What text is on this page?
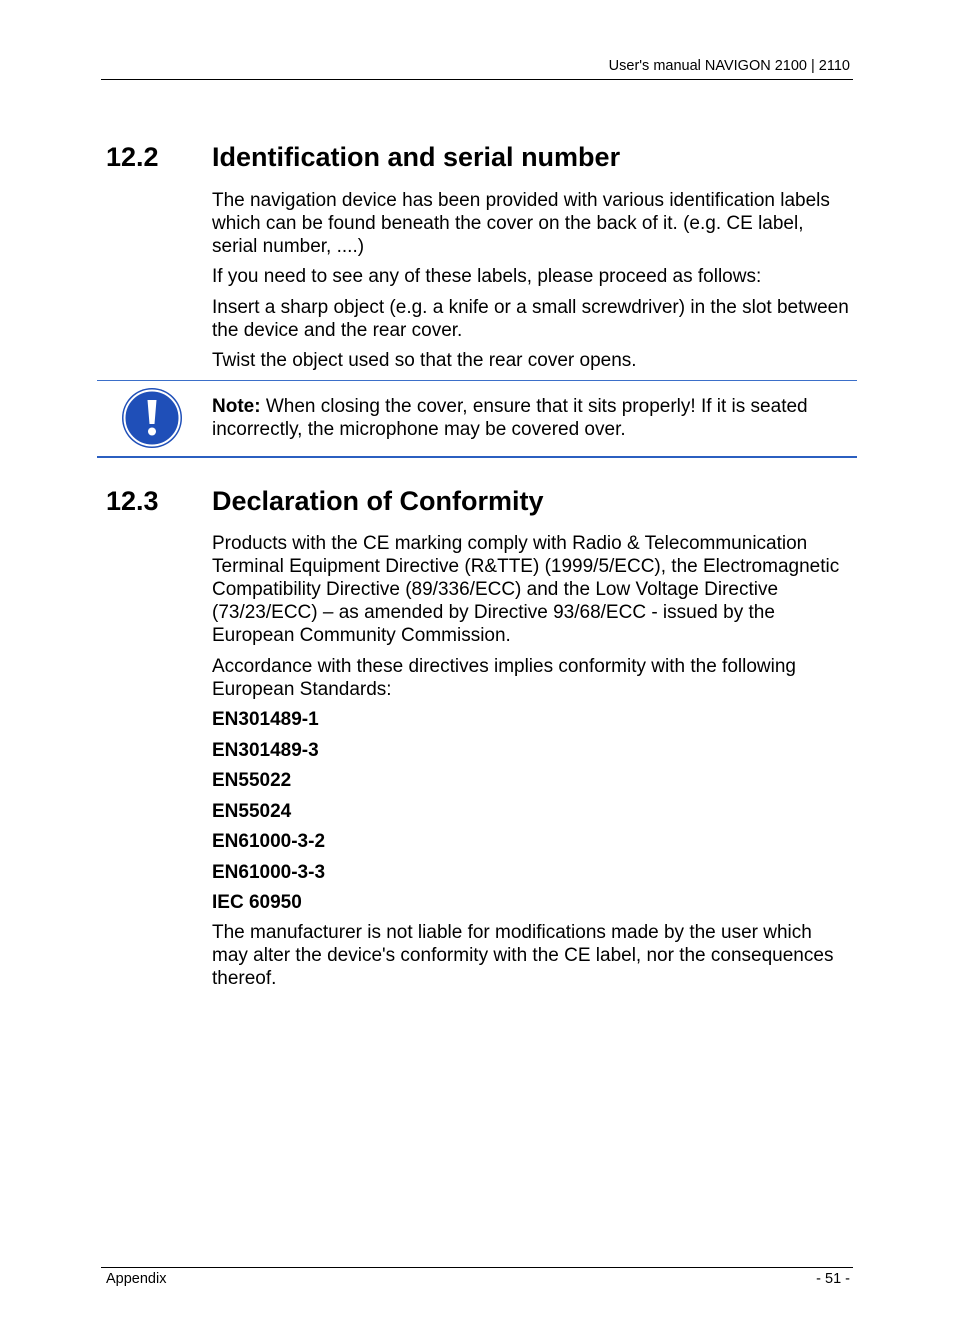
User's manual NAVIGON 2100 | 2110
12.2 Identification and serial number
The navigation device has been provided with various identification labels which can be found beneath the cover on the back of it. (e.g. CE label, serial number, ....)
If you need to see any of these labels, please proceed as follows:
Insert a sharp object (e.g. a knife or a small screwdriver) in the slot between the device and the rear cover.
Twist the object used so that the rear cover opens.
Note: When closing the cover, ensure that it sits properly! If it is seated incorrectly, the microphone may be covered over.
12.3 Declaration of Conformity
Products with the CE marking comply with Radio & Telecommunication Terminal Equipment Directive (R&TTE) (1999/5/ECC), the Electromagnetic Compatibility Directive (89/336/ECC) and the Low Voltage Directive (73/23/ECC) – as amended by Directive 93/68/ECC - issued by the European Community Commission.
Accordance with these directives implies conformity with the following European Standards:
EN301489-1
EN301489-3
EN55022
EN55024
EN61000-3-2
EN61000-3-3
IEC 60950
The manufacturer is not liable for modifications made by the user which may alter the device's conformity with the CE label, nor the consequences thereof.
Appendix	- 51 -
